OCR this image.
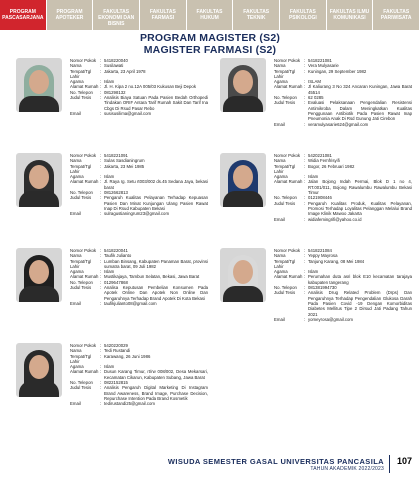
PROGRAM PASCASARJANA
PROGRAM APOTEKER
FAKULTAS EKONOMI DAN BISNIS
FAKULTAS FARMASI
FAKULTAS HUKUM
FAKULTAS TEKNIK
FAKULTAS PSIKOLOGI
FAKULTAS ILMU KOMUNIKASI
FAKULTAS PARIWISATA
PROGRAM MAGISTER (S2)
MAGISTER FARMASI (S2)
Nomor Pokok : 5418220040
Nama	: Susilawati
Tempat/Tgl Lahir
: Jakarta, 23 April 1978
Agama	: Islam
Alamat Rumah : Jl. H. Kipa 2 no.12A 005/03 Kukusan Beji Depok
No. Telepon	: 081298132
Judul Tesis	: Analisis Biaya Satuan Pada Pasien Bedah Orthopedi Tindakan ORIF Antara Tarif Rumah Sakit Dan Tarif Ina Cbgs Di Rsud Pasar Rebo
Email	: susisusilima@gmail.com
Nomor Pokok : 5418221081
Nama	: Vera Mulyasarie
Tempat/Tgl Lahir
: Kuningan, 29 September 1982
Agama	: ISLAM
Alamat Rumah : Jl Kaliurang 3 No 324 Ancaran Kuningan, Jawa Barat 45514
No. Telepon	: 62 0285
Judul Tesis	: Evaluasi Pelaksanaan Pengendalian Resistensi Antimikroba Dalam Meningkatkan Kualitas Penggunaan Antibiotik Pada Pasien Rawat Inap Pneumonia Anak Di Rsd Gunung Jati Cirebon
Email	: veramulyasarie624@gmail.com
Nomor Pokok : 5418221091
Nama	: Sulas Sasdianingrum
Tempat/Tgl Lahir
: Jakarta, 23 Mei 1985
Agama	: Islam
Alamat Rumah : Jl. Raya rg. Setu rt003/002 ds.45 Sedana Jaya, bekasi barat
No. Telepon	: 0812662813
Judul Tesis	: Pengaruh Kualitas Pelayanan Terhadap Kepuasan Pasien Dan Minat Kunjungan Ulang Pasien Rawat Inap Di Rsud Kabupaten Bekasi
Email	: sulragustianingrum23@gmail.com
Nomor Pokok : 5420221081
Nama	: Widia Fernfrisyifi
Tempat/Tgl Lahir
: Bogor, 26 Februari 1982
Agama	: Islam
Alamat Rumah : Jalan Bojong Indah Permai, Blok D 1 no 4, RT.001/011, Bojong Rawalumbu Rawalumbu Bekasi Timur
No. Telepon	: 0121908446
Judul Tesis	: Pengaruh Kualitas Produk, Kualitas Pelayanan, Promosi Terhadap Loyalitas Pelanggan Melalui Brand Image Klinik Mawoo Jakarta
Email	: widiafemingrifi@yahoo.co.id
Nomor Pokok : 5418220041
Nama	: Taufik Julianto
Tempat/Tgl Lahir
: Lumban Binsang, Kabupaten Panaman Barat, provinsi sumatra barat, 09 Juli 1982
Agama	: Islam
Alamat Rumah : Mustikajaya, Tambun Selatan, Bekasi, Jawa Barat
No. Telepon	: 0129647868
Judul Tesis	: Analisa Keputusan Pembelian Konsumen Pada Apotek Online Dan Apotek Non Online Dan Pengaruhnya Terhadap Brand Apotek Di Kota Bekasi
Email	: taufikjulianto08@gmail.com
Nomor Pokok : 5418221084
Nama	: Yeppy Mayrosa
Tempat/Tgl Lahir
: Tanjung Karang, 08 Mei 1984
Agama	: Islam
Alamat Rumah : Perumahan duta asri blok E10 kecamatan tarajaya kabupaten tangerang
No. Telepon	: 081381994730
Judul Tesis	: Analisis Drug Related Problem (Drps) Dan Pengaruhnya Terhadap Pengendalian Glukosa Darah Pada Pasien Covid -19 Dengan Komorbiditas Diabetes Mellitus Tipe 2 Dirsud Jati Padang Tahun 2021
Email	: yomeyrosa@gmail.com
Nomor Pokok : 5420220029
Nama	: Tedi Rustandi
Tempat/Tgl Lahir
: Karawang, 26 Juni 1986
Agama	: Islam
Alamat Rumah : Dusun Karang Timur, rt/rw 008/002, Desa Mekarsari, Kecamatan Cikarun, Kabupaten Subang, Jawa Barat
No. Telepon	: 0822152815
Judul Tesis	: Analisis Pengaruh Digital Marketing Di Instagram Brand Awareness, Brand Image, Purchase Decision, Repurchase Intention Pada Brand Kosmetik
Email	: tedirustandi25@gmail.com
WISUDA SEMESTER GASAL UNIVERSITAS PANCASILA
TAHUN AKADEMIK 2022/2023
107
